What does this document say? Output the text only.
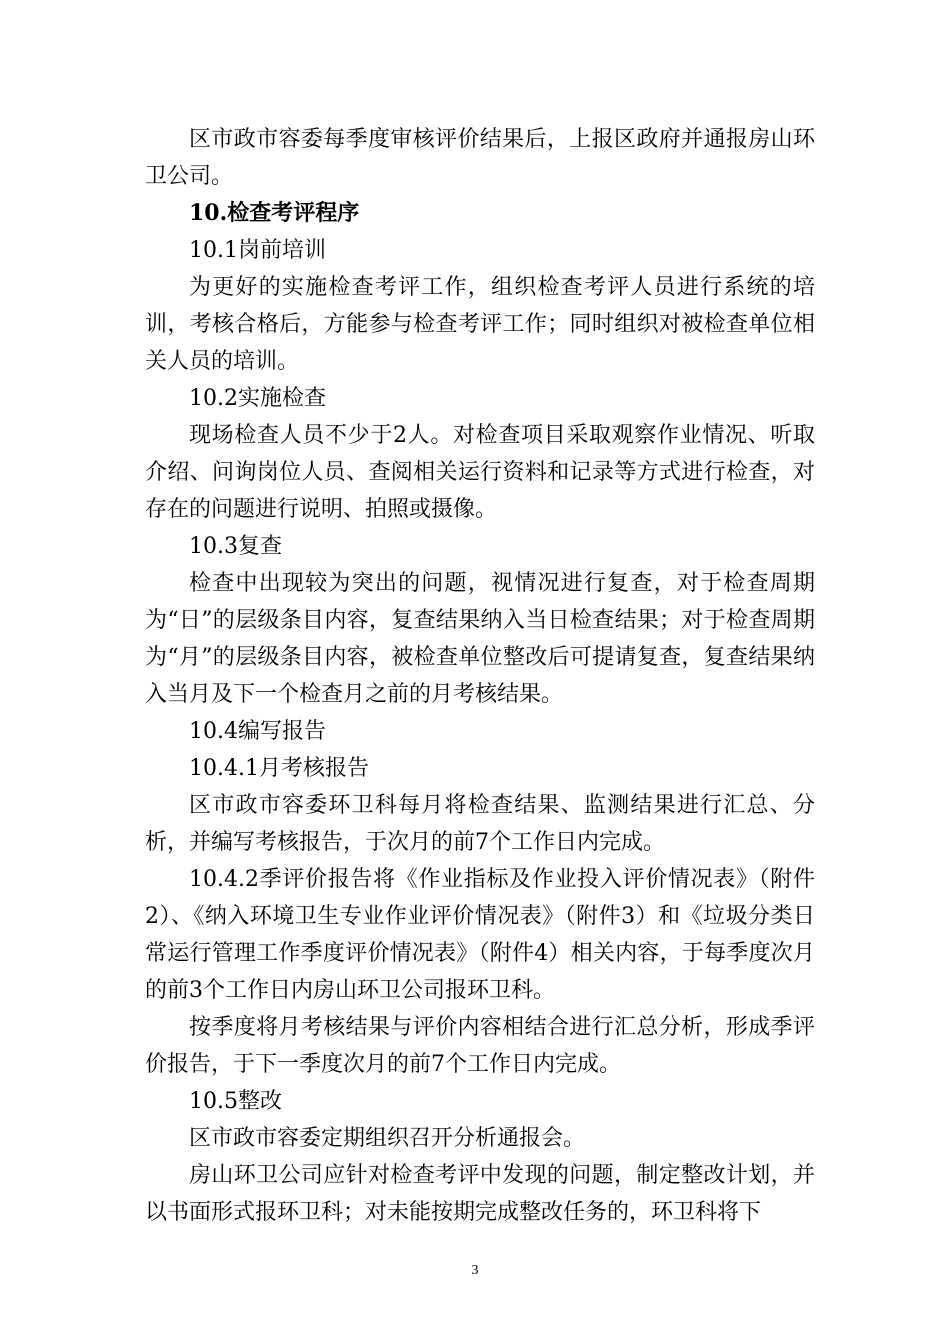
区市政市容委每季度审核评价结果后，上报区政府并通报房山环卫公司。

10.检查考评程序

10.1岗前培训

为更好的实施检查考评工作，组织检查考评人员进行系统的培训，考核合格后，方能参与检查考评工作；同时组织对被检查单位相关人员的培训。

10.2实施检查

现场检查人员不少于2人。对检查项目采取观察作业情况、听取介绍、问询岗位人员、查阅相关运行资料和记录等方式进行检查，对存在的问题进行说明、拍照或摄像。

10.3复查

检查中出现较为突出的问题，视情况进行复查，对于检查周期为“日”的层级条目内容，复查结果纳入当日检查结果；对于检查周期为“月”的层级条目内容，被检查单位整改后可提请复查，复查结果纳入当月及下一个检查月之前的月考核结果。

10.4编写报告

10.4.1月考核报告

区市政市容委环卫科每月将检查结果、监测结果进行汇总、分析，并编写考核报告，于次月的前7个工作日内完成。

10.4.2季评价报告将《作业指标及作业投入评价情况表》（附件2）、《纳入环境卫生专业作业评价情况表》（附件3）和《垃圾分类日常运行管理工作季度评价情况表》（附件4）相关内容，于每季度次月的前3个工作日内房山环卫公司报环卫科。

按季度将月考核结果与评价内容相结合进行汇总分析，形成季评价报告，于下一季度次月的前7个工作日内完成。

10.5整改

区市政市容委定期组织召开分析通报会。

房山环卫公司应针对检查考评中发现的问题，制定整改计划，并以书面形式报环卫科；对未能按期完成整改任务的，环卫科将下

3
